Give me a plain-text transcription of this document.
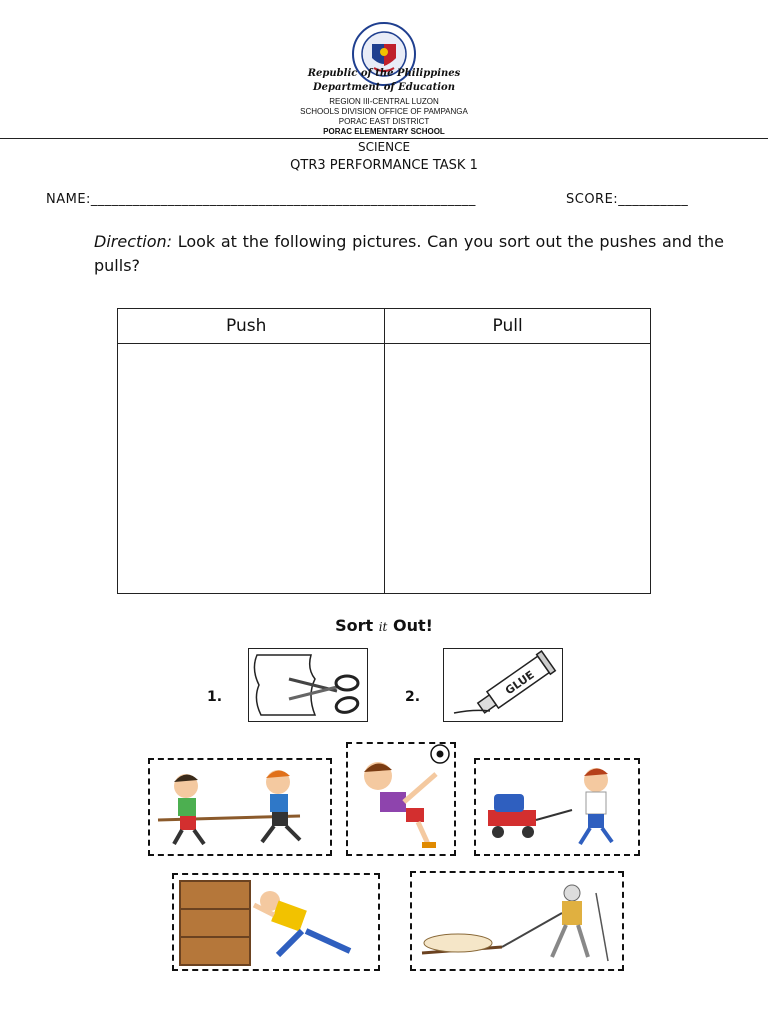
Republic of the Philippines
Department of Education
REGION III-CENTRAL LUZON
SCHOOLS DIVISION OFFICE OF PAMPANGA
PORAC EAST DISTRICT
PORAC ELEMENTARY SCHOOL
SCIENCE
QTR3 PERFORMANCE TASK 1
NAME:_______________________________________________________	SCORE:__________
Direction: Look at the following pictures. Can you sort out the pushes and the pulls?
Push	Pull

Sort it Out!
1.	2.	GLUE
